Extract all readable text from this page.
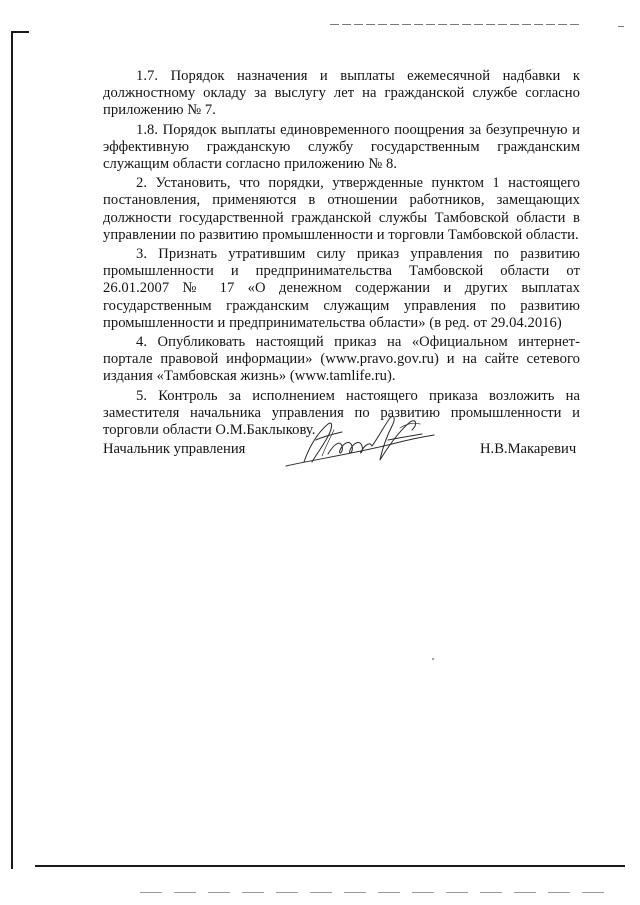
1.7. Порядок назначения и выплаты ежемесячной надбавки к должностному окладу за выслугу лет на гражданской службе согласно приложению № 7.

1.8. Порядок выплаты единовременного поощрения за безупречную и эффективную гражданскую службу государственным гражданским служащим области согласно приложению № 8.

2. Установить, что порядки, утвержденные пунктом 1 настоящего постановления, применяются в отношении работников, замещающих должности государственной гражданской службы Тамбовской области в управлении по развитию промышленности и торговли Тамбовской области.

3. Признать утратившим силу приказ управления по развитию промышленности и предпринимательства Тамбовской области от 26.01.2007 № 17 «О денежном содержании и других выплатах государственным гражданским служащим управления по развитию промышленности и предпринимательства области» (в ред. от 29.04.2016)

4. Опубликовать настоящий приказ на «Официальном интернет-портале правовой информации» (www.pravo.gov.ru) и на сайте сетевого издания «Тамбовская жизнь» (www.tamlife.ru).

5. Контроль за исполнением настоящего приказа возложить на заместителя начальника управления по развитию промышленности и торговли области О.М.Баклыкову.

Начальник управления	Н.В.Макаревич
